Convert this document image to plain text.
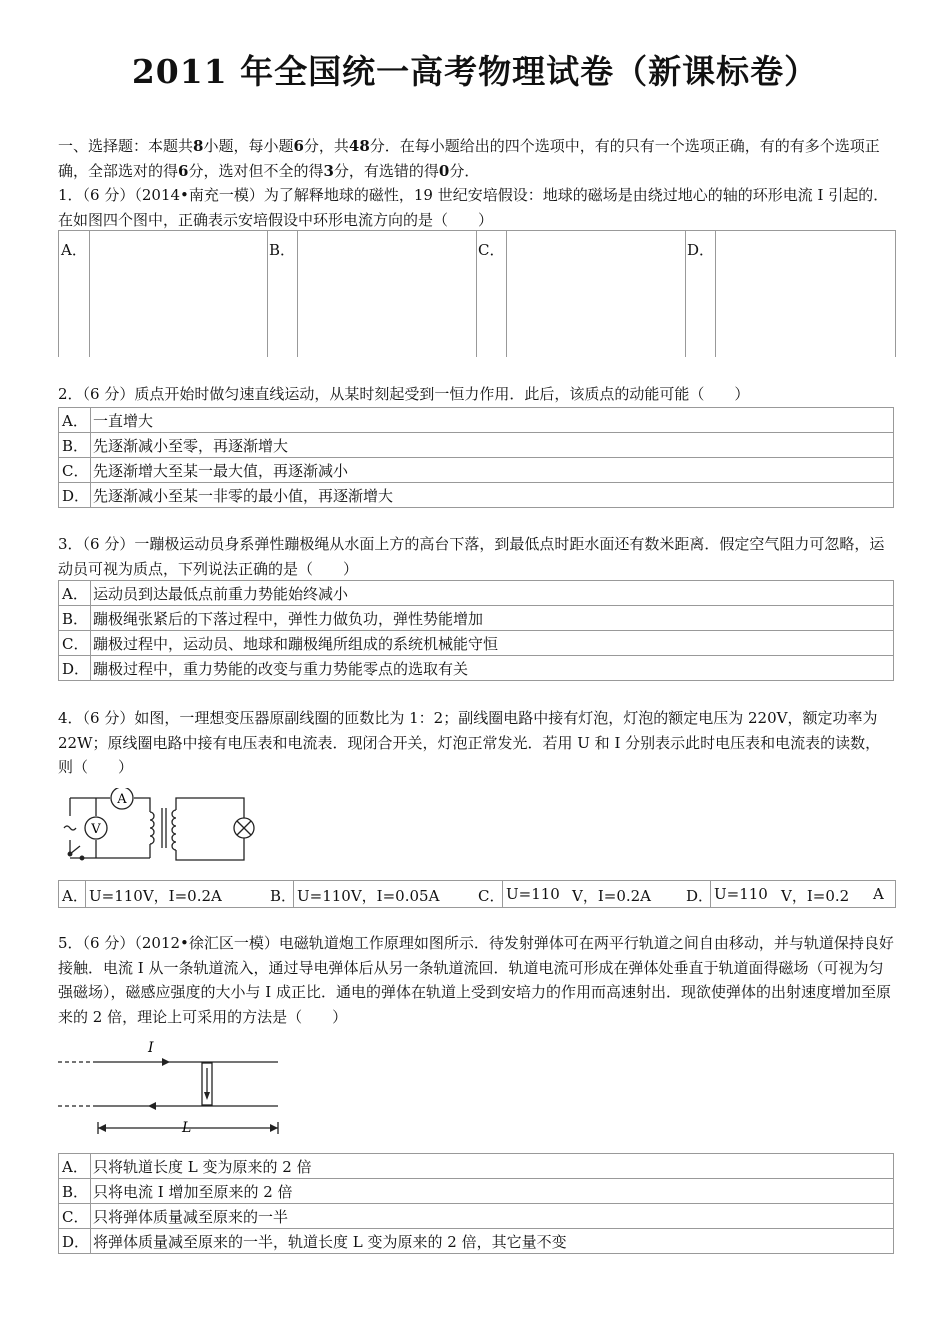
2011 年全国统一高考物理试卷（新课标卷）
一、选择题：本题共8小题，每小题6分，共48分．在每小题给出的四个选项中，有的只有一个选项正确，有的有多个选项正确，全部选对的得6分，选对但不全的得3分，有选错的得0分．
1．（6 分）（2014•南充一模）为了解释地球的磁性，19 世纪安培假设：地球的磁场是由绕过地心的轴的环形电流 I 引起的．在如图四个图中，正确表示安培假设中环形电流方向的是（　　）
A．	B．	C．	D．
2．（6 分）质点开始时做匀速直线运动，从某时刻起受到一恒力作用．此后，该质点的动能可能（　　）
A．	一直增大
B．	先逐渐减小至零，再逐渐增大
C．	先逐渐增大至某一最大值，再逐渐减小
D．	先逐渐减小至某一非零的最小值，再逐渐增大
3．（6 分）一蹦极运动员身系弹性蹦极绳从水面上方的高台下落，到最低点时距水面还有数米距离．假定空气阻力可忽略，运动员可视为质点，下列说法正确的是（　　）
A．	运动员到达最低点前重力势能始终减小
B．	蹦极绳张紧后的下落过程中，弹性力做负功，弹性势能增加
C．	蹦极过程中，运动员、地球和蹦极绳所组成的系统机械能守恒
D．	蹦极过程中，重力势能的改变与重力势能零点的选取有关
4．（6 分）如图，一理想变压器原副线圈的匝数比为 1：2；副线圈电路中接有灯泡，灯泡的额定电压为 220V，额定功率为 22W；原线圈电路中接有电压表和电流表．现闭合开关，灯泡正常发光．若用 U 和 I 分别表示此时电压表和电流表的读数，则（　　）
A
V
A． U=110V，I=0.2A	B． U=110V，I=0.05A	C． U=110 V，I=0.2A D． U=110 V，I=0.2 A
5．（6 分）（2012•徐汇区一模）电磁轨道炮工作原理如图所示．待发射弹体可在两平行轨道之间自由移动，并与轨道保持良好接触．电流 I 从一条轨道流入，通过导电弹体后从另一条轨道流回．轨道电流可形成在弹体处垂直于轨道面得磁场（可视为匀强磁场），磁感应强度的大小与 I 成正比．通电的弹体在轨道上受到安培力的作用而高速射出．现欲使弹体的出射速度增加至原来的 2 倍，理论上可采用的方法是（　　）
I
L
A．	只将轨道长度 L 变为原来的 2 倍
B．	只将电流 I 增加至原来的 2 倍
C．	只将弹体质量减至原来的一半
D．	将弹体质量减至原来的一半，轨道长度 L 变为原来的 2 倍，其它量不变
